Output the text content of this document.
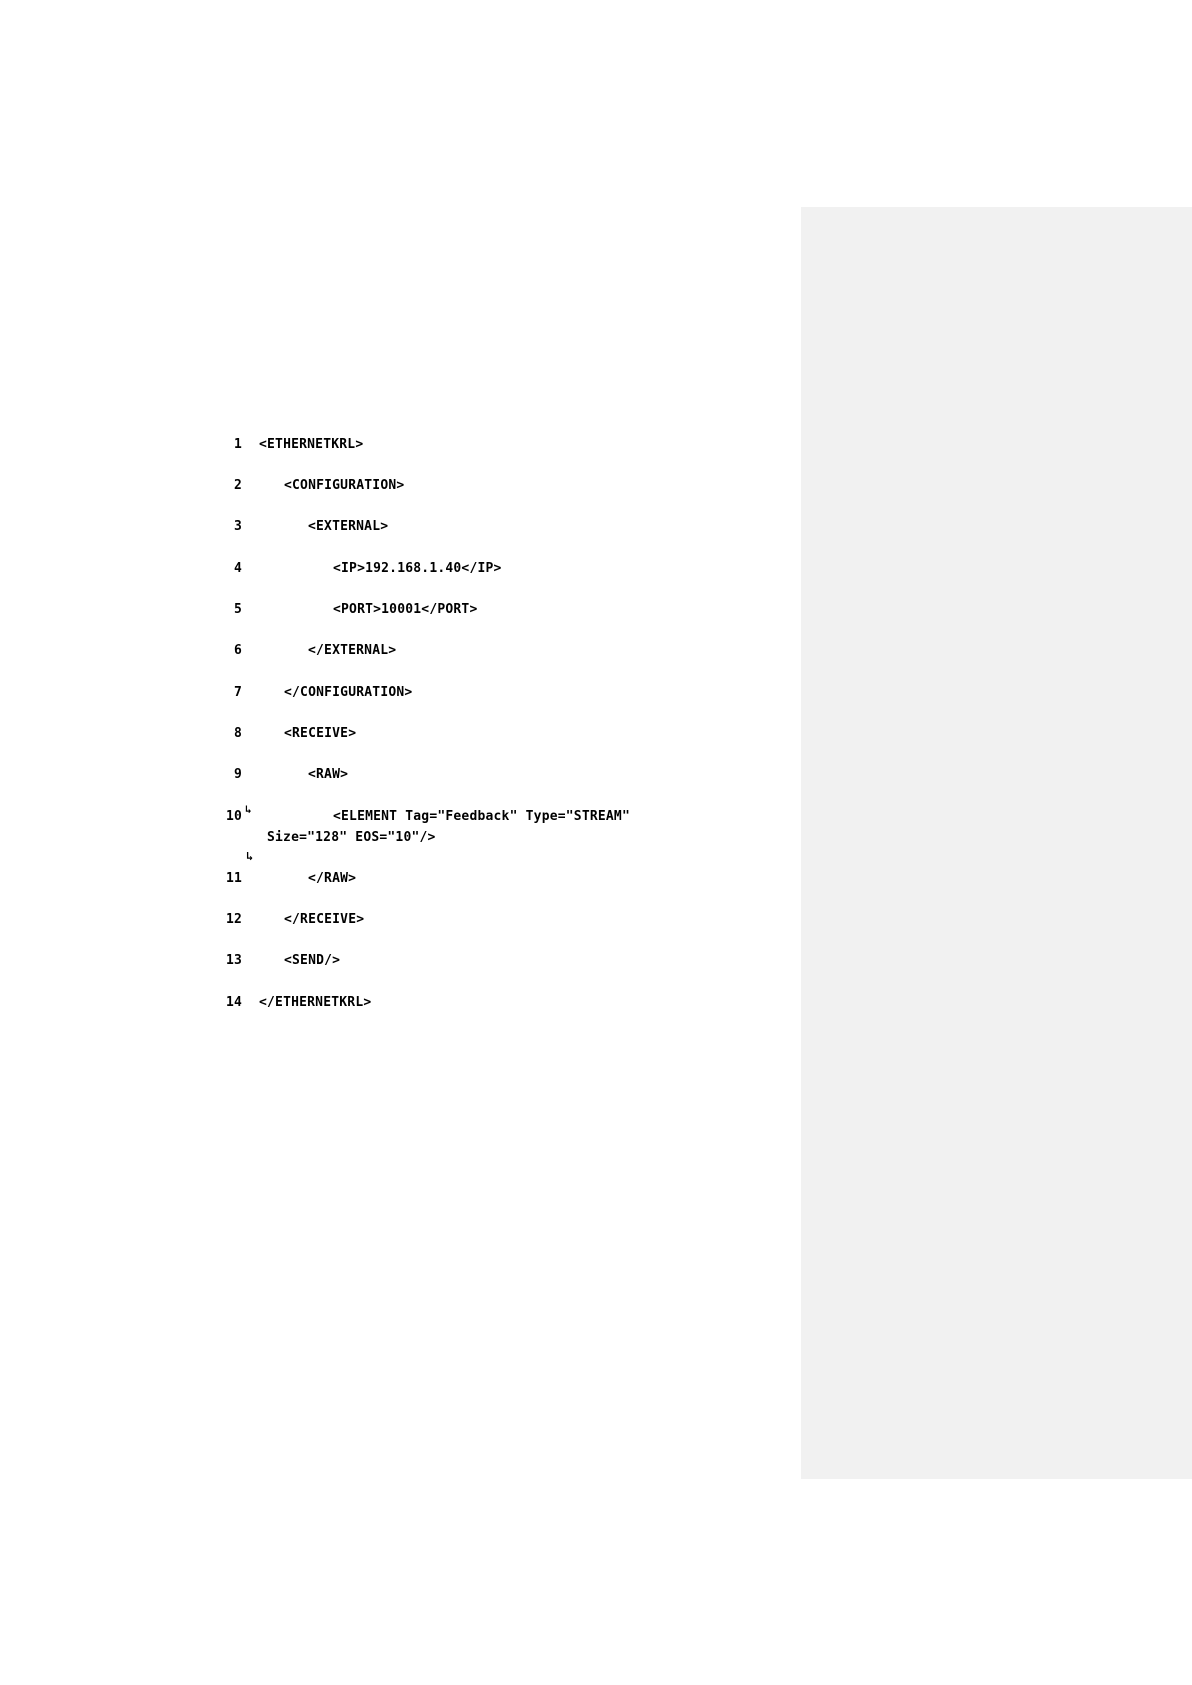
1

<ETHERNETKRL>

2

	<CONFIGURATION>

3

	<EXTERNAL>

4

	<IP>192.168.1.40</IP>

5

	<PORT>10001</PORT>

6

	</EXTERNAL>

7

	</CONFIGURATION>

8

	<RECEIVE>

9

	<RAW>

10

↳

	<ELEMENT Tag="Feedback" Type="STREAM"

↳

Size="128" EOS="10"/>

11

	</RAW>

12

	</RECEIVE>

13

	<SEND/>

14

</ETHERNETKRL>
